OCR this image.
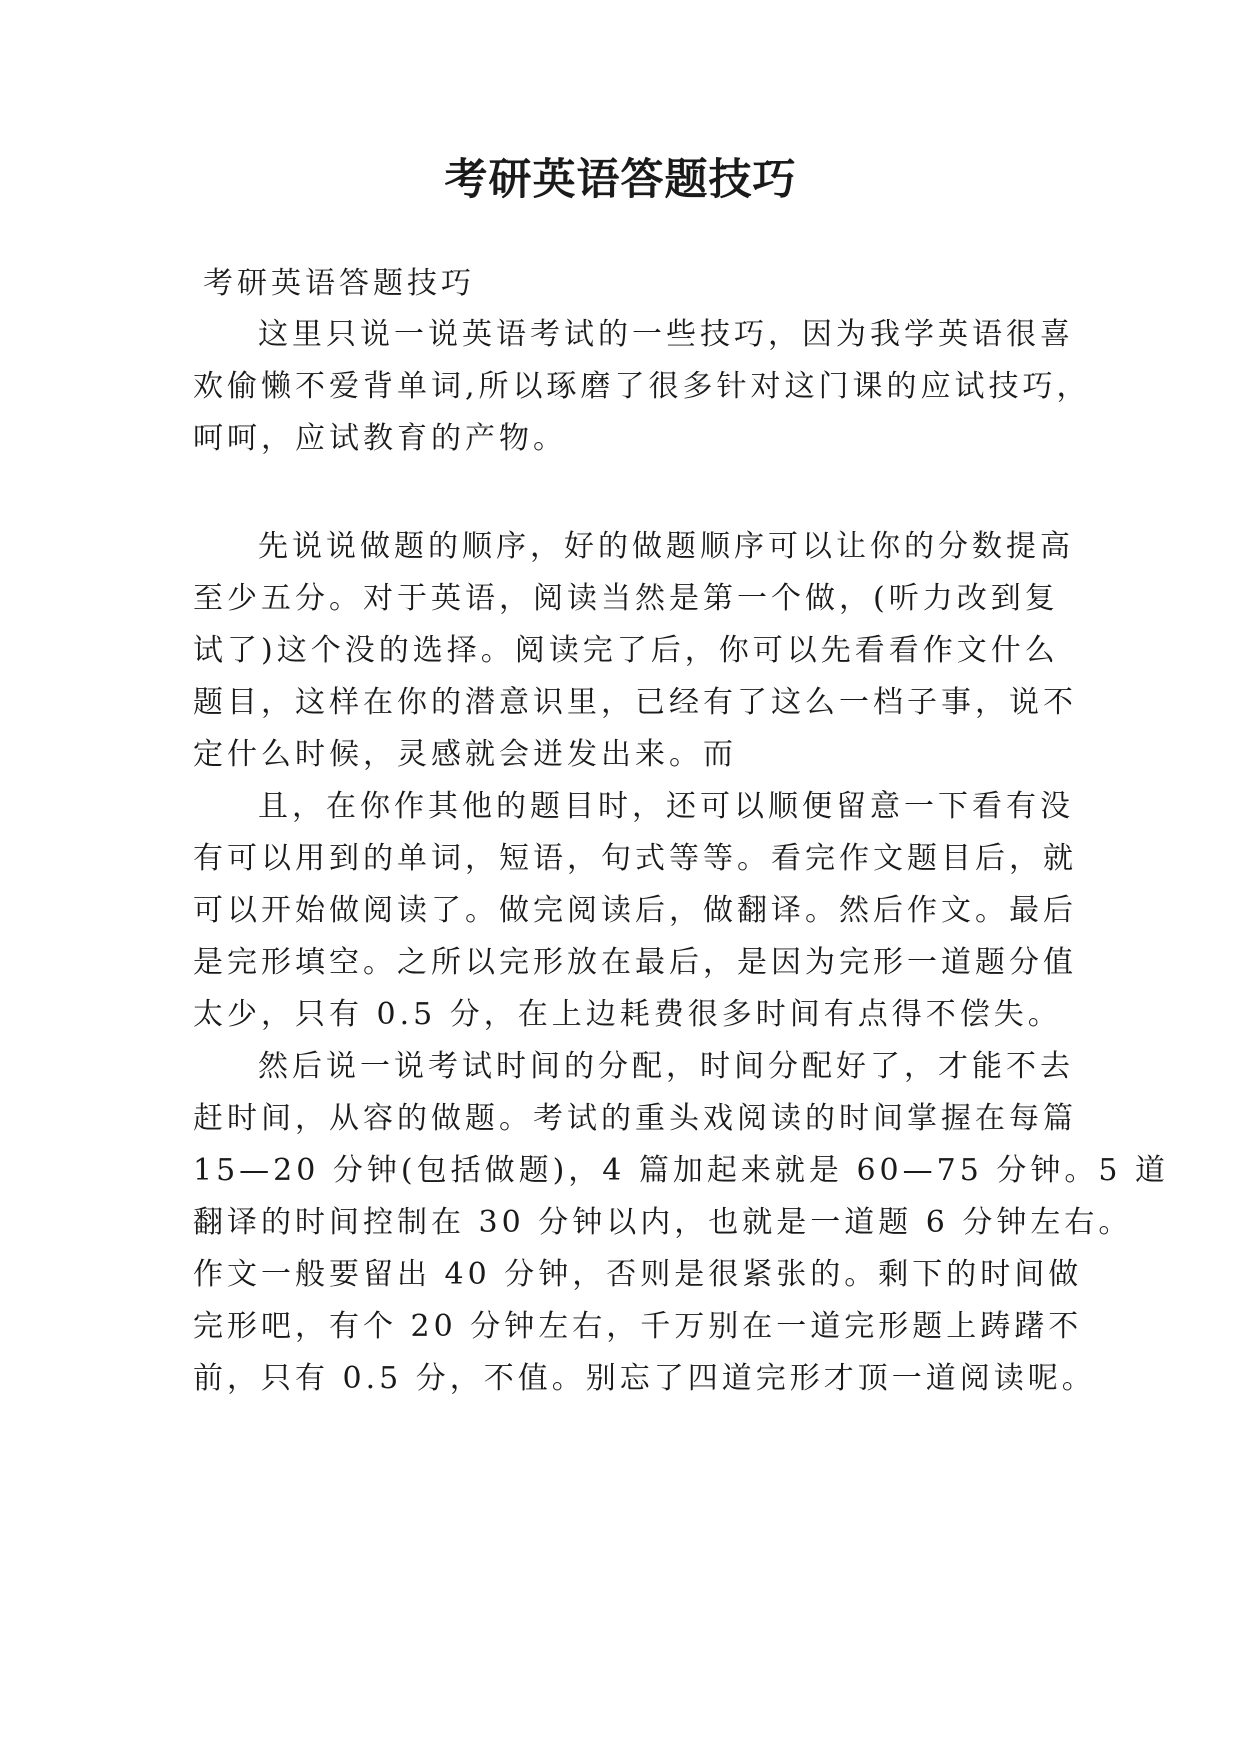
考研英语答题技巧
考研英语答题技巧
这里只说一说英语考试的一些技巧，因为我学英语很喜
欢偷懒不爱背单词,所以琢磨了很多针对这门课的应试技巧，
呵呵，应试教育的产物。
先说说做题的顺序，好的做题顺序可以让你的分数提高
至少五分。对于英语，阅读当然是第一个做，(听力改到复
试了)这个没的选择。阅读完了后，你可以先看看作文什么
题目，这样在你的潜意识里，已经有了这么一档子事，说不
定什么时候，灵感就会迸发出来。而
且，在你作其他的题目时，还可以顺便留意一下看有没
有可以用到的单词，短语，句式等等。看完作文题目后，就
可以开始做阅读了。做完阅读后，做翻译。然后作文。最后
是完形填空。之所以完形放在最后，是因为完形一道题分值
太少，只有 0.5 分，在上边耗费很多时间有点得不偿失。
然后说一说考试时间的分配，时间分配好了，才能不去
赶时间，从容的做题。考试的重头戏阅读的时间掌握在每篇
15—20 分钟(包括做题)，4 篇加起来就是 60—75 分钟。5 道
翻译的时间控制在 30 分钟以内，也就是一道题 6 分钟左右。
作文一般要留出 40 分钟，否则是很紧张的。剩下的时间做
完形吧，有个 20 分钟左右，千万别在一道完形题上踌躇不
前，只有 0.5 分，不值。别忘了四道完形才顶一道阅读呢。
